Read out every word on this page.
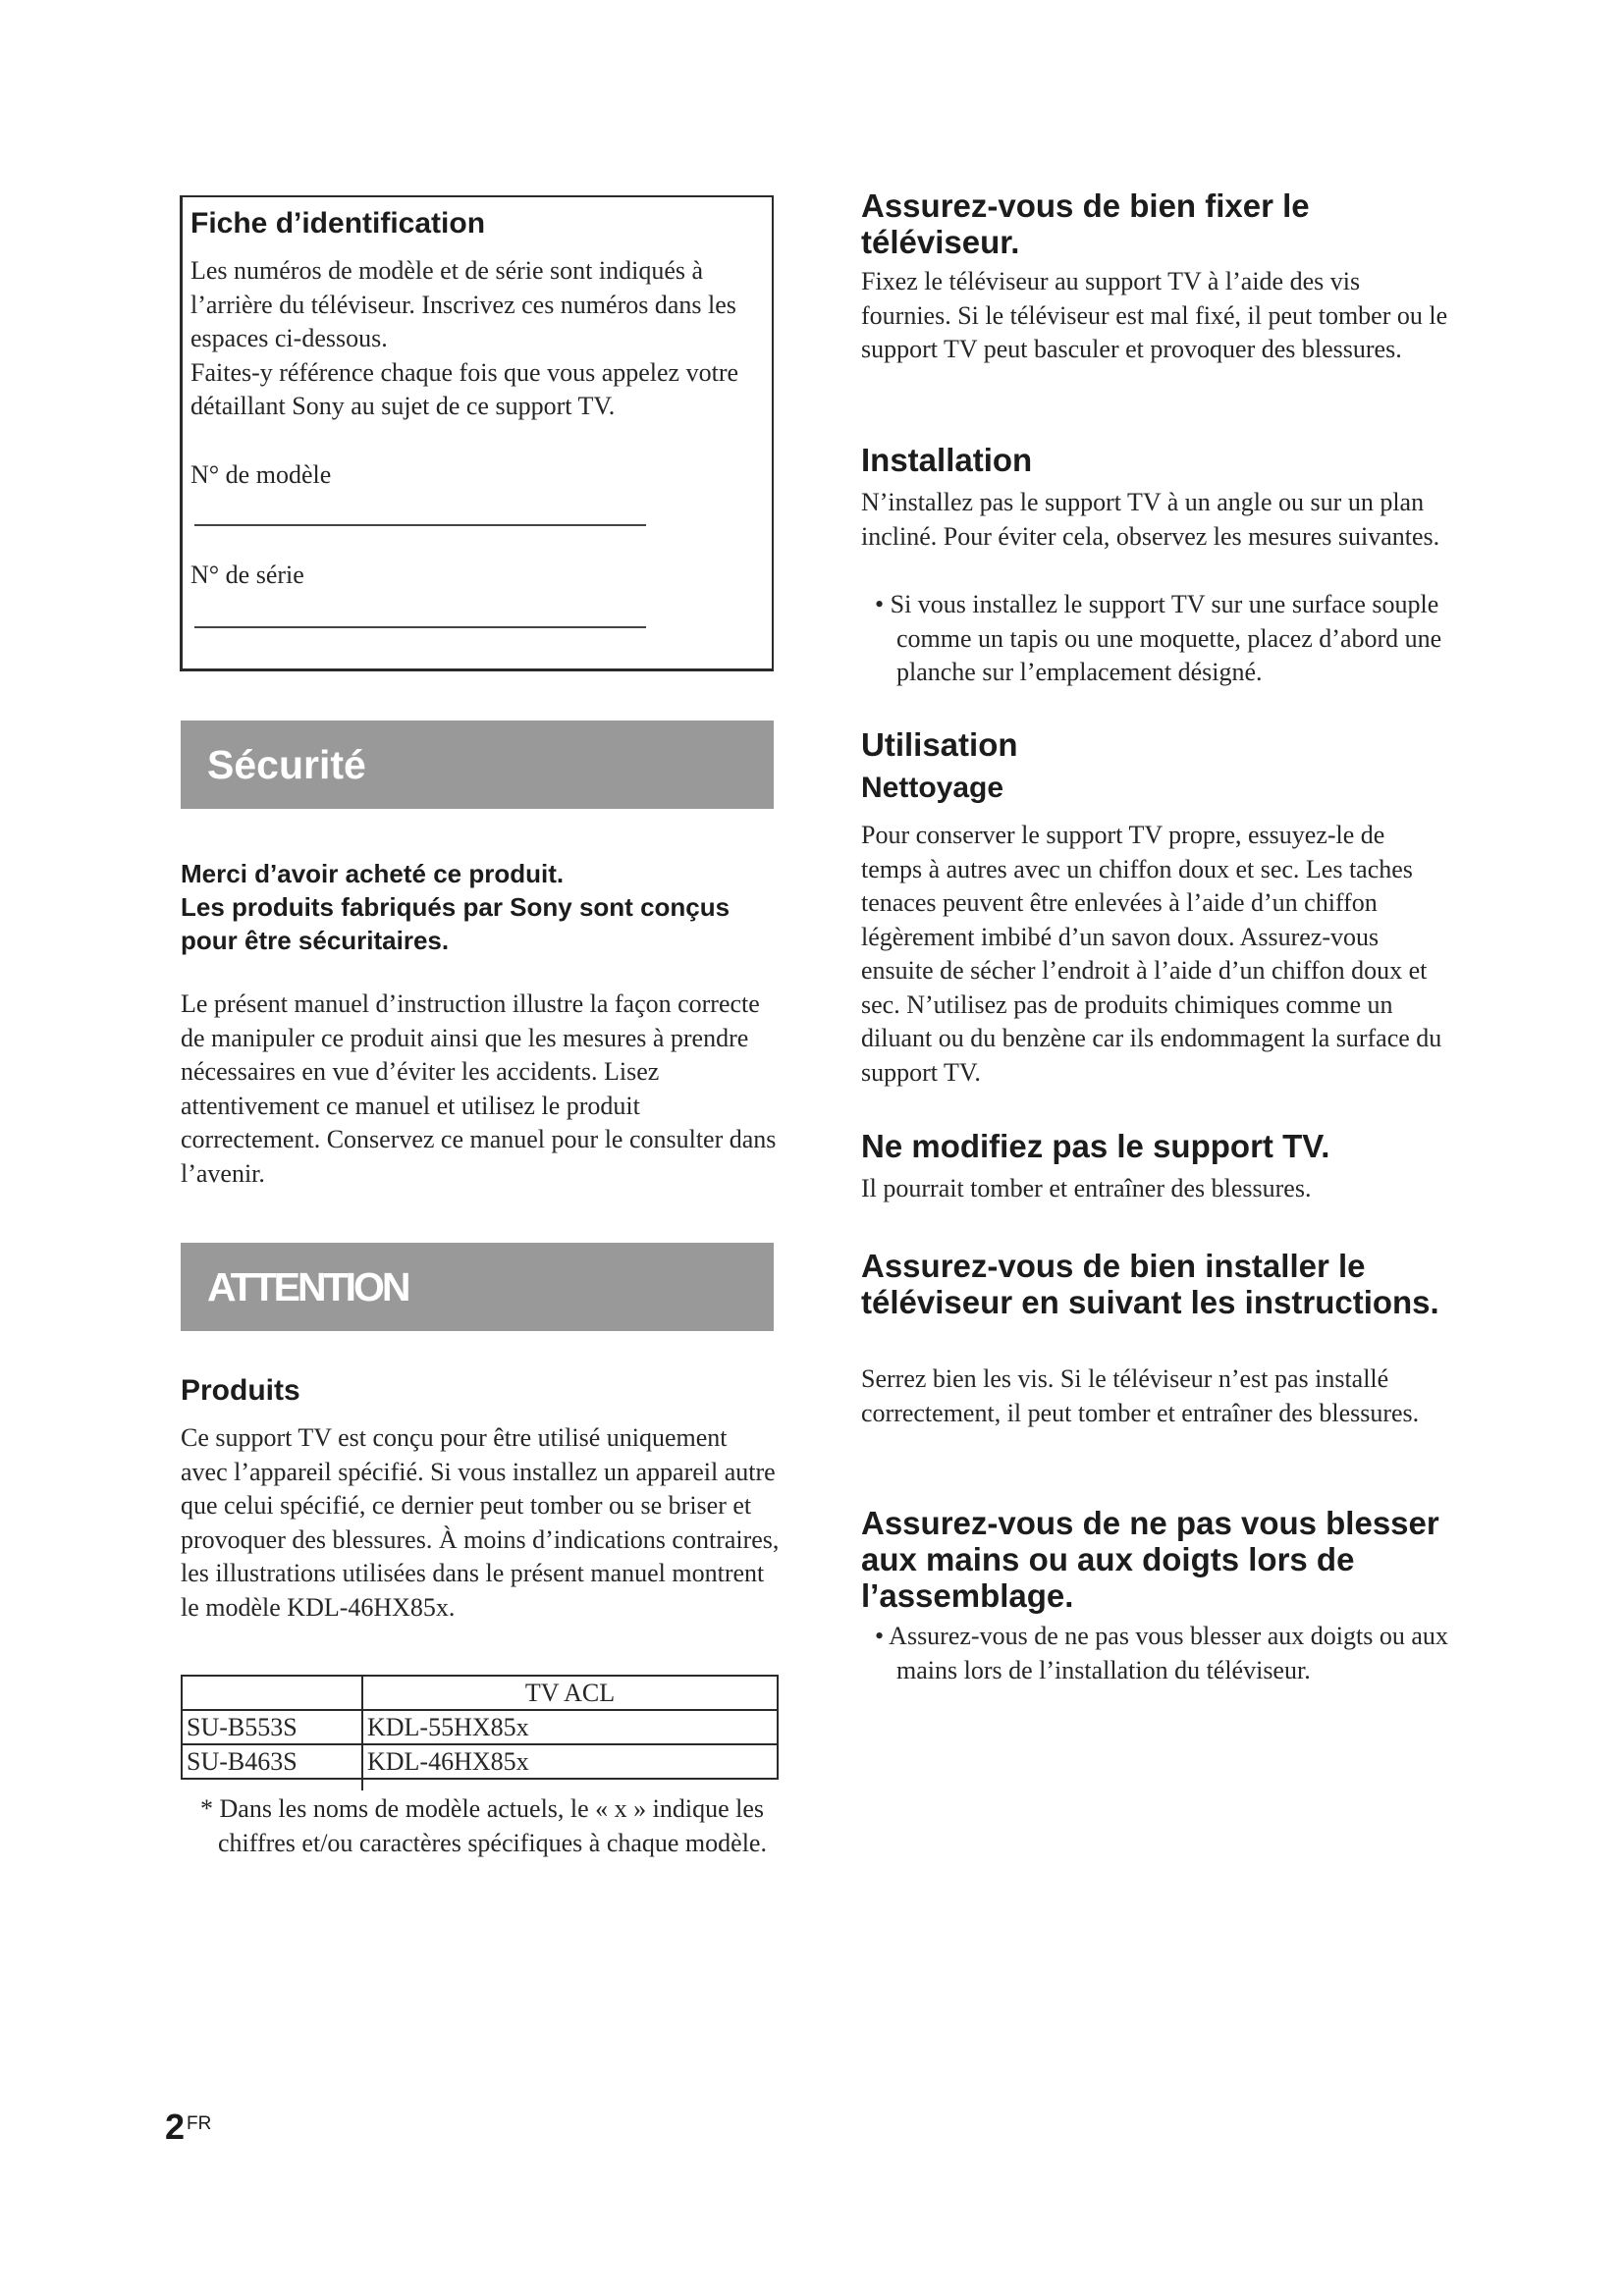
Fiche d’identification

Les numéros de modèle et de série sont indiqués à l’arrière du téléviseur. Inscrivez ces numéros dans les espaces ci-dessous.

Faites-y référence chaque fois que vous appelez votre détaillant Sony au sujet de ce support TV.

N° de modèle
N° de série
Sécurité
Merci d’avoir acheté ce produit.
Les produits fabriqués par Sony sont conçus pour être sécuritaires.

Le présent manuel d’instruction illustre la façon correcte de manipuler ce produit ainsi que les mesures à prendre nécessaires en vue d’éviter les accidents. Lisez attentivement ce manuel et utilisez le produit correctement. Conservez ce manuel pour le consulter dans l’avenir.

ATTENTION
Produits

Ce support TV est conçu pour être utilisé uniquement avec l’appareil spécifié. Si vous installez un appareil autre que celui spécifié, ce dernier peut tomber ou se briser et provoquer des blessures. À moins d’indications contraires, les illustrations utilisées dans le présent manuel montrent le modèle KDL-46HX85x.

	TV ACL
SU-B553S	KDL-55HX85x
SU-B463S	KDL-46HX85x

* Dans les noms de modèle actuels, le « x » indique les chiffres et/ou caractères spécifiques à chaque modèle.

Assurez-vous de bien fixer le téléviseur.

Fixez le téléviseur au support TV à l’aide des vis fournies. Si le téléviseur est mal fixé, il peut tomber ou le support TV peut basculer et provoquer des blessures.

Installation

N’installez pas le support TV à un angle ou sur un plan incliné. Pour éviter cela, observez les mesures suivantes.

• Si vous installez le support TV sur une surface souple comme un tapis ou une moquette, placez d’abord une planche sur l’emplacement désigné.

Utilisation
Nettoyage

Pour conserver le support TV propre, essuyez-le de temps à autres avec un chiffon doux et sec. Les taches tenaces peuvent être enlevées à l’aide d’un chiffon légèrement imbibé d’un savon doux. Assurez-vous ensuite de sécher l’endroit à l’aide d’un chiffon doux et sec. N’utilisez pas de produits chimiques comme un diluant ou du benzène car ils endommagent la surface du support TV.

Ne modifiez pas le support TV.

Il pourrait tomber et entraîner des blessures.

Assurez-vous de bien installer le téléviseur en suivant les instructions.

Serrez bien les vis. Si le téléviseur n’est pas installé correctement, il peut tomber et entraîner des blessures.

Assurez-vous de ne pas vous blesser aux mains ou aux doigts lors de l’assemblage.

• Assurez-vous de ne pas vous blesser aux doigts ou aux mains lors de l’installation du téléviseur.

2 $^{FR}$
